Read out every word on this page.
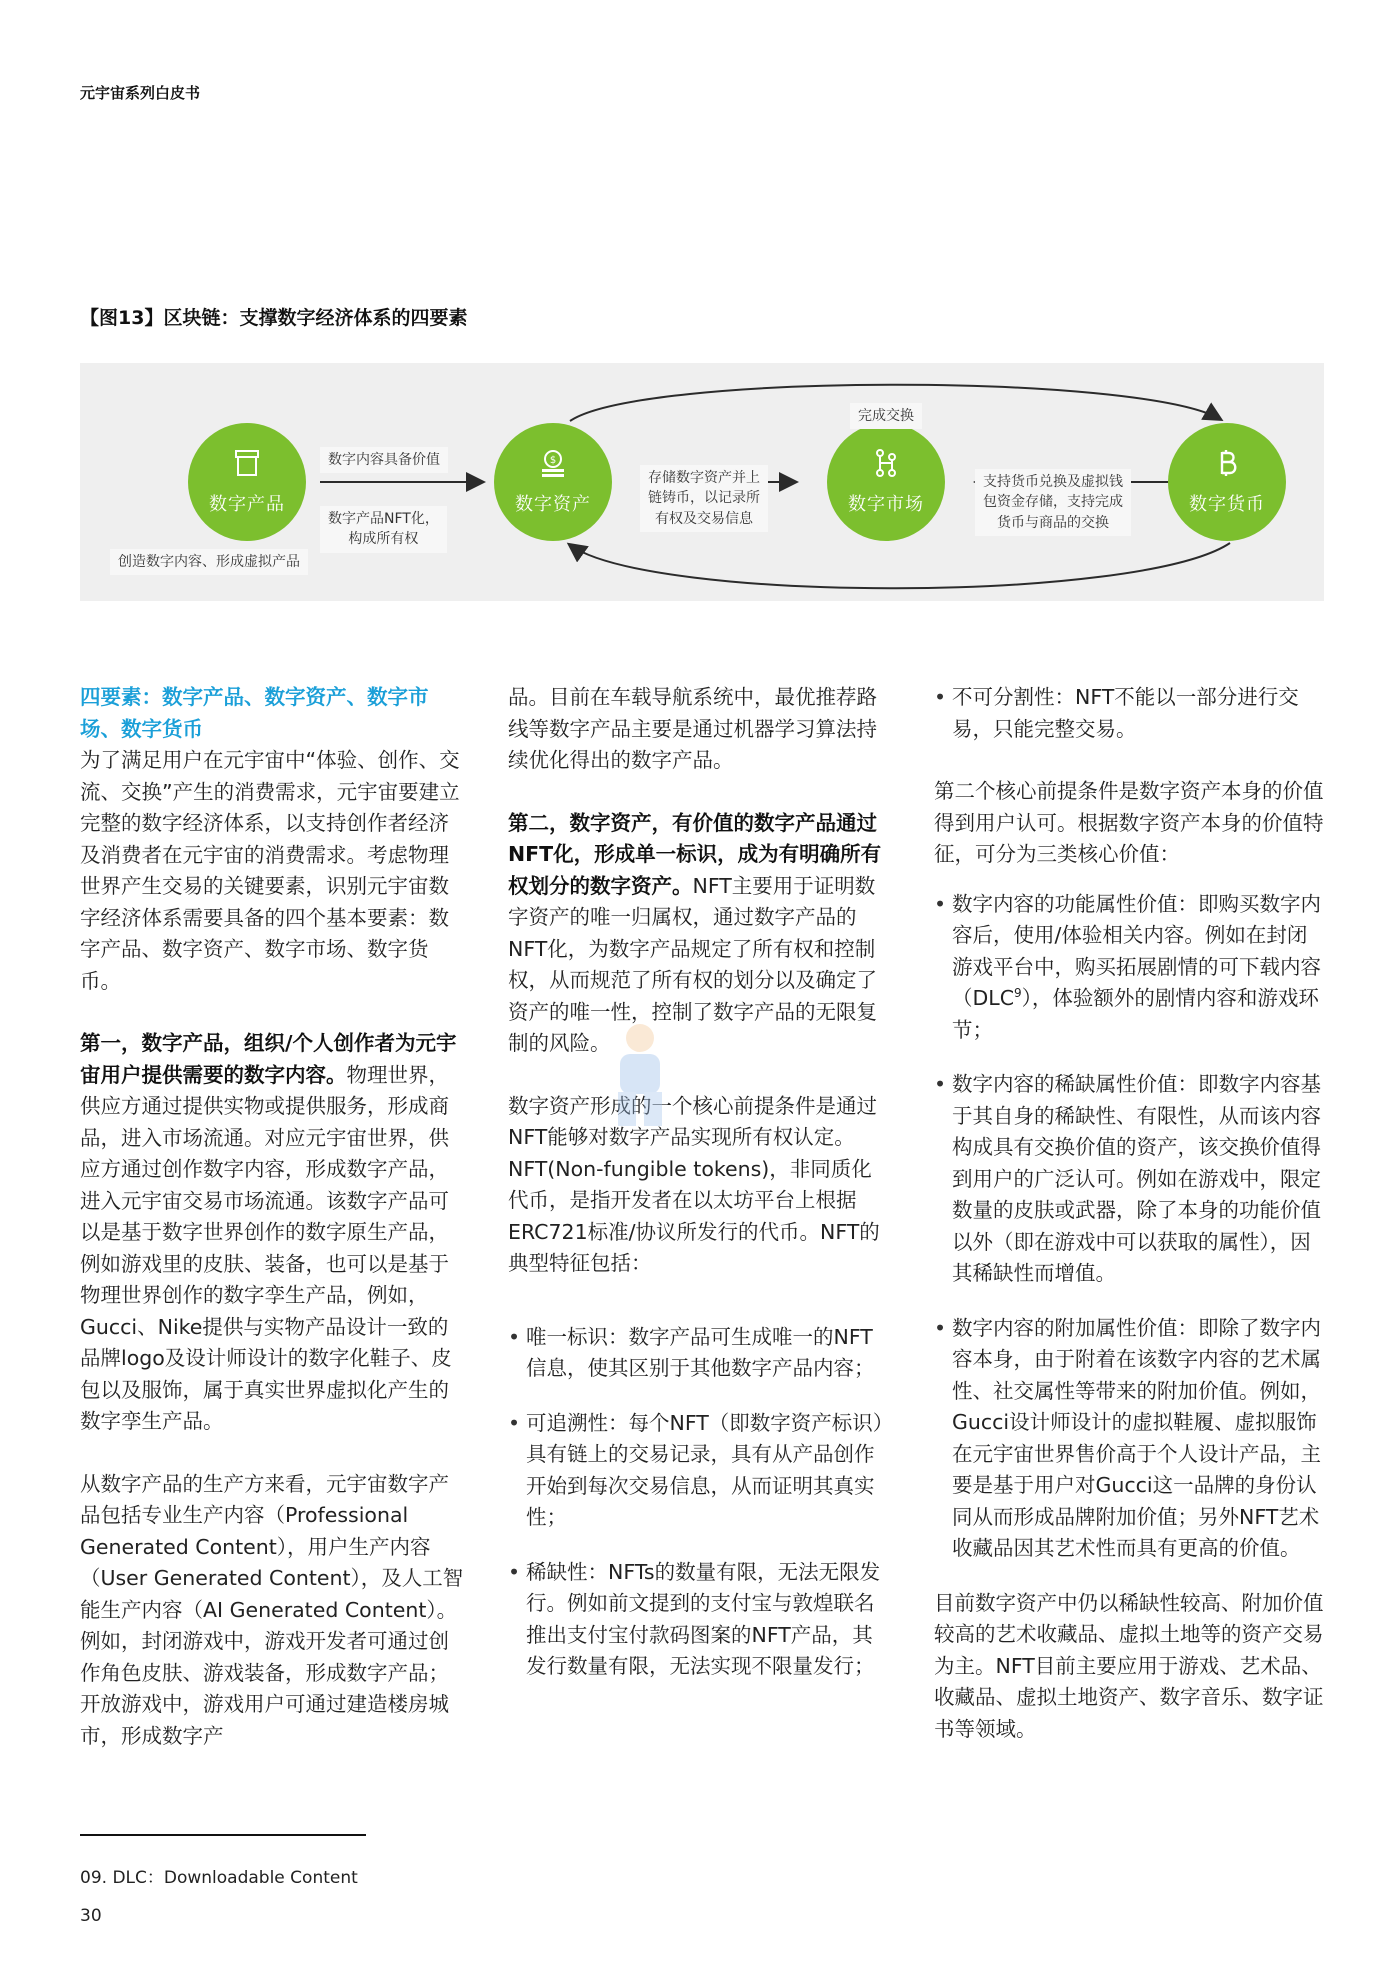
元宇宙系列白皮书
【图13】区块链：支撑数字经济体系的四要素
数字产品
$
数字资产	数字市场	数字货币
数字内容具备价值
数字产品NFT化，
构成所有权
创造数字内容、形成虚拟产品
存储数字资产并上
链铸币，以记录所
有权及交易信息
完成交换
支持货币兑换及虚拟钱
包资金存储，支持完成
货币与商品的交换

四要素：数字产品、数字资产、数字市场、数字货币

为了满足用户在元宇宙中“体验、创作、交流、交换”产生的消费需求，元宇宙要建立完整的数字经济体系，以支持创作者经济及消费者在元宇宙的消费需求。考虑物理世界产生交易的关键要素，识别元宇宙数字经济体系需要具备的四个基本要素：数字产品、数字资产、数字市场、数字货币。

第一，数字产品，组织/个人创作者为元宇宙用户提供需要的数字内容。物理世界，供应方通过提供实物或提供服务，形成商品，进入市场流通。对应元宇宙世界，供应方通过创作数字内容，形成数字产品，进入元宇宙交易市场流通。该数字产品可以是基于数字世界创作的数字原生产品，例如游戏里的皮肤、装备，也可以是基于物理世界创作的数字孪生产品，例如，Gucci、Nike提供与实物产品设计一致的品牌logo及设计师设计的数字化鞋子、皮包以及服饰，属于真实世界虚拟化产生的数字孪生产品。

从数字产品的生产方来看，元宇宙数字产品包括专业生产内容（Professional Generated Content），用户生产内容（User Generated Content），及人工智能生产内容（AI Generated Content）。例如，封闭游戏中，游戏开发者可通过创作角色皮肤、游戏装备，形成数字产品；开放游戏中，游戏用户可通过建造楼房城市，形成数字产

品。目前在车载导航系统中，最优推荐路线等数字产品主要是通过机器学习算法持续优化得出的数字产品。

第二，数字资产，有价值的数字产品通过NFT化，形成单一标识，成为有明确所有权划分的数字资产。NFT主要用于证明数字资产的唯一归属权，通过数字产品的NFT化，为数字产品规定了所有权和控制权，从而规范了所有权的划分以及确定了资产的唯一性，控制了数字产品的无限复制的风险。

数字资产形成的一个核心前提条件是通过NFT能够对数字产品实现所有权认定。NFT(Non-fungible tokens)，非同质化代币，是指开发者在以太坊平台上根据ERC721标准/协议所发行的代币。NFT的典型特征包括：

• 唯一标识：数字产品可生成唯一的NFT信息，使其区别于其他数字产品内容；
• 可追溯性：每个NFT（即数字资产标识）具有链上的交易记录，具有从产品创作开始到每次交易信息，从而证明其真实性；
• 稀缺性：NFTs的数量有限，无法无限发行。例如前文提到的支付宝与敦煌联名推出支付宝付款码图案的NFT产品，其发行数量有限，无法实现不限量发行；
• 不可分割性：NFT不能以一部分进行交易，只能完整交易。

第二个核心前提条件是数字资产本身的价值得到用户认可。根据数字资产本身的价值特征，可分为三类核心价值：

• 数字内容的功能属性价值：即购买数字内容后，使用/体验相关内容。例如在封闭游戏平台中，购买拓展剧情的可下载内容（DLC$^9$），体验额外的剧情内容和游戏环节；
• 数字内容的稀缺属性价值：即数字内容基于其自身的稀缺性、有限性，从而该内容构成具有交换价值的资产，该交换价值得到用户的广泛认可。例如在游戏中，限定数量的皮肤或武器，除了本身的功能价值以外（即在游戏中可以获取的属性），因其稀缺性而增值。
• 数字内容的附加属性价值：即除了数字内容本身，由于附着在该数字内容的艺术属性、社交属性等带来的附加价值。例如，Gucci设计师设计的虚拟鞋履、虚拟服饰在元宇宙世界售价高于个人设计产品，主要是基于用户对Gucci这一品牌的身份认同从而形成品牌附加价值；另外NFT艺术收藏品因其艺术性而具有更高的价值。

目前数字资产中仍以稀缺性较高、附加价值较高的艺术收藏品、虚拟土地等的资产交易为主。NFT目前主要应用于游戏、艺术品、收藏品、虚拟土地资产、数字音乐、数字证书等领域。

09. DLC：Downloadable Content
30
